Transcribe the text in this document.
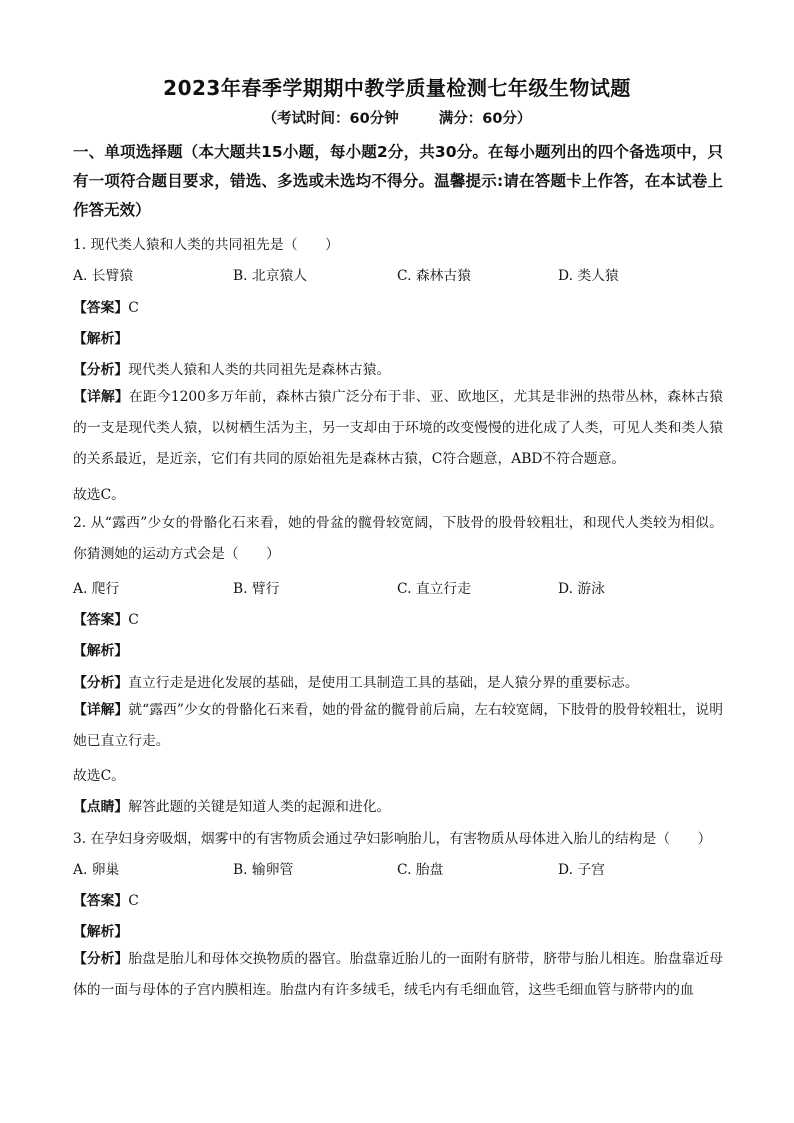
2023年春季学期期中教学质量检测七年级生物试题
（考试时间：60分钟	满分：60分）
一、单项选择题（本大题共15小题，每小题2分，共30分。在每小题列出的四个备选项中，只有一项符合题目要求，错选、多选或未选均不得分。温馨提示:请在答题卡上作答，在本试卷上作答无效）
1. 现代类人猿和人类的共同祖先是（　　）
A. 长臂猿	B. 北京猿人	C. 森林古猿	D. 类人猿
【答案】C
【解析】
【分析】现代类人猿和人类的共同祖先是森林古猿。
【详解】在距今1200多万年前，森林古猿广泛分布于非、亚、欧地区，尤其是非洲的热带丛林，森林古猿的一支是现代类人猿，以树栖生活为主，另一支却由于环境的改变慢慢的进化成了人类，可见人类和类人猿的关系最近，是近亲，它们有共同的原始祖先是森林古猿，C符合题意，ABD不符合题意。
故选C。
2. 从“露西”少女的骨骼化石来看，她的骨盆的髋骨较宽阔，下肢骨的股骨较粗壮，和现代人类较为相似。你猜测她的运动方式会是（　　）
A. 爬行	B. 臂行	C. 直立行走	D. 游泳
【答案】C
【解析】
【分析】直立行走是进化发展的基础，是使用工具制造工具的基础，是人猿分界的重要标志。
【详解】就“露西”少女的骨骼化石来看，她的骨盆的髋骨前后扁，左右较宽阔，下肢骨的股骨较粗壮，说明她已直立行走。
故选C。
【点睛】解答此题的关键是知道人类的起源和进化。
3. 在孕妇身旁吸烟，烟雾中的有害物质会通过孕妇影响胎儿，有害物质从母体进入胎儿的结构是（　　）
A. 卵巢	B. 输卵管	C. 胎盘	D. 子宫
【答案】C
【解析】
【分析】胎盘是胎儿和母体交换物质的器官。胎盘靠近胎儿的一面附有脐带，脐带与胎儿相连。胎盘靠近母体的一面与母体的子宫内膜相连。胎盘内有许多绒毛，绒毛内有毛细血管，这些毛细血管与脐带内的血
